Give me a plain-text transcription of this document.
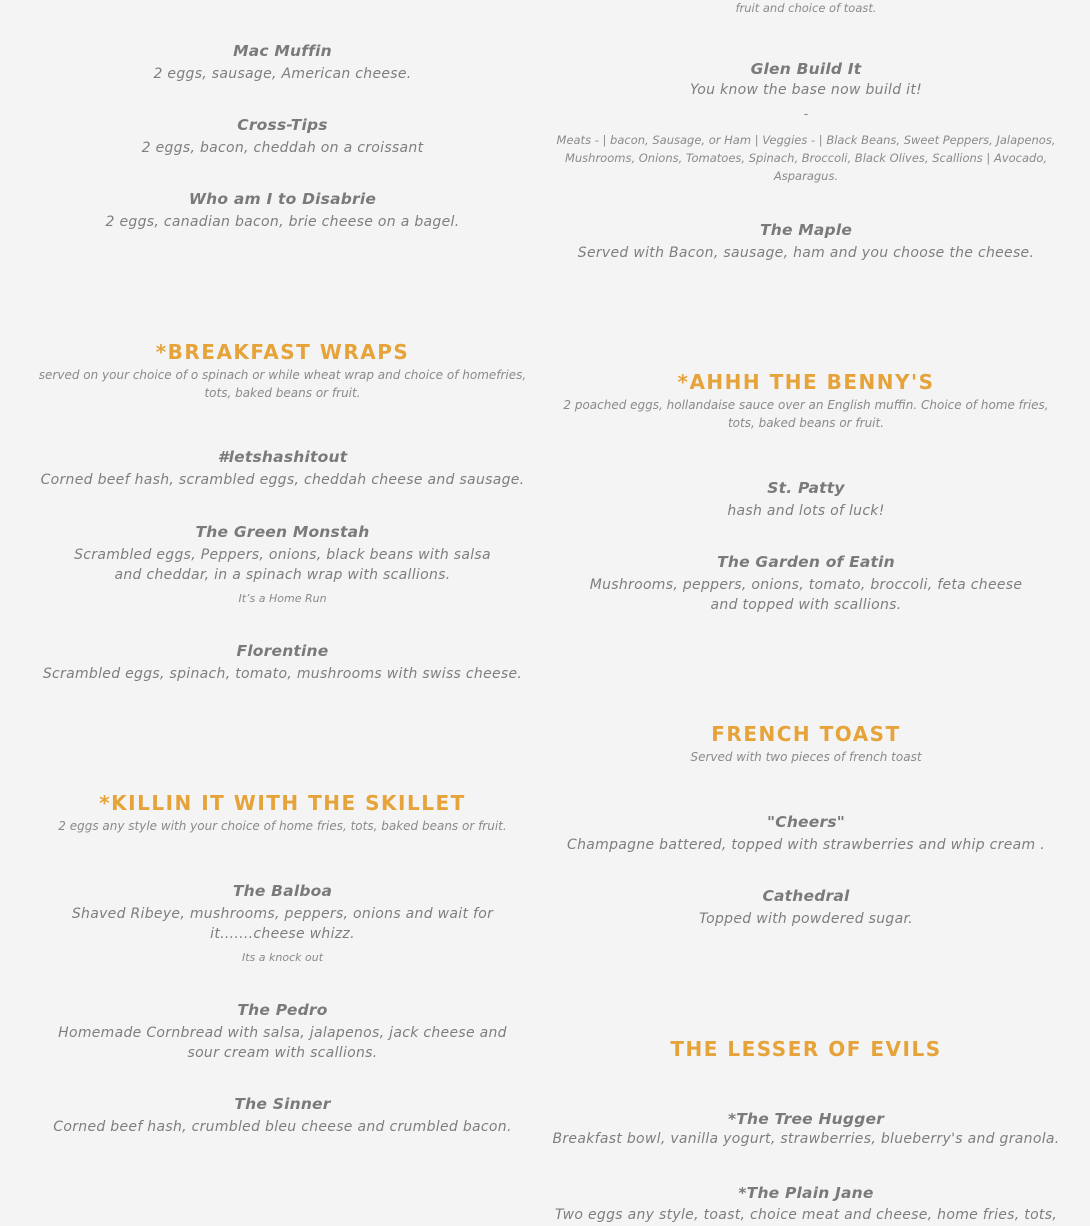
Mac Muffin
2 eggs, sausage, American cheese.
Cross-Tips
2 eggs, bacon, cheddah on a croissant
Who am I to Disabrie
2 eggs, canadian bacon, brie cheese on a bagel.
*BREAKFAST WRAPS
served on your choice of o spinach or while wheat wrap and choice of homefries, tots, baked beans or fruit.
#letshashitout
Corned beef hash, scrambled eggs, cheddah cheese and sausage.
The Green Monstah
Scrambled eggs, Peppers, onions, black beans with salsa and cheddar, in a spinach wrap with scallions.
It’s a Home Run
Florentine
Scrambled eggs, spinach, tomato, mushrooms with swiss cheese.
*KILLIN IT WITH THE SKILLET
2 eggs any style with your choice of home fries, tots, baked beans or fruit.
The Balboa
Shaved Ribeye, mushrooms, peppers, onions and wait for it.......cheese whizz.
Its a knock out
The Pedro
Homemade Cornbread with salsa, jalapenos, jack cheese and sour cream with scallions.
The Sinner
Corned beef hash, crumbled bleu cheese and crumbled bacon.
fruit and choice of toast.
Glen Build It
You know the base now build it!
-
Meats - | bacon, Sausage, or Ham | Veggies - | Black Beans, Sweet Peppers, Jalapenos, Mushrooms, Onions, Tomatoes, Spinach, Broccoli, Black Olives, Scallions | Avocado, Asparagus.
The Maple
Served with Bacon, sausage, ham and you choose the cheese.
*AHHH THE BENNY'S
2 poached eggs, hollandaise sauce over an English muffin. Choice of home fries, tots, baked beans or fruit.
St. Patty
hash and lots of luck!
The Garden of Eatin
Mushrooms, peppers, onions, tomato, broccoli, feta cheese and topped with scallions.
FRENCH TOAST
Served with two pieces of french toast
"Cheers"
Champagne battered, topped with strawberries and whip cream .
Cathedral
Topped with powdered sugar.
THE LESSER OF EVILS
*The Tree Hugger
Breakfast bowl, vanilla yogurt, strawberries, blueberry's and granola.
*The Plain Jane
Two eggs any style, toast, choice meat and cheese, home fries, tots,
